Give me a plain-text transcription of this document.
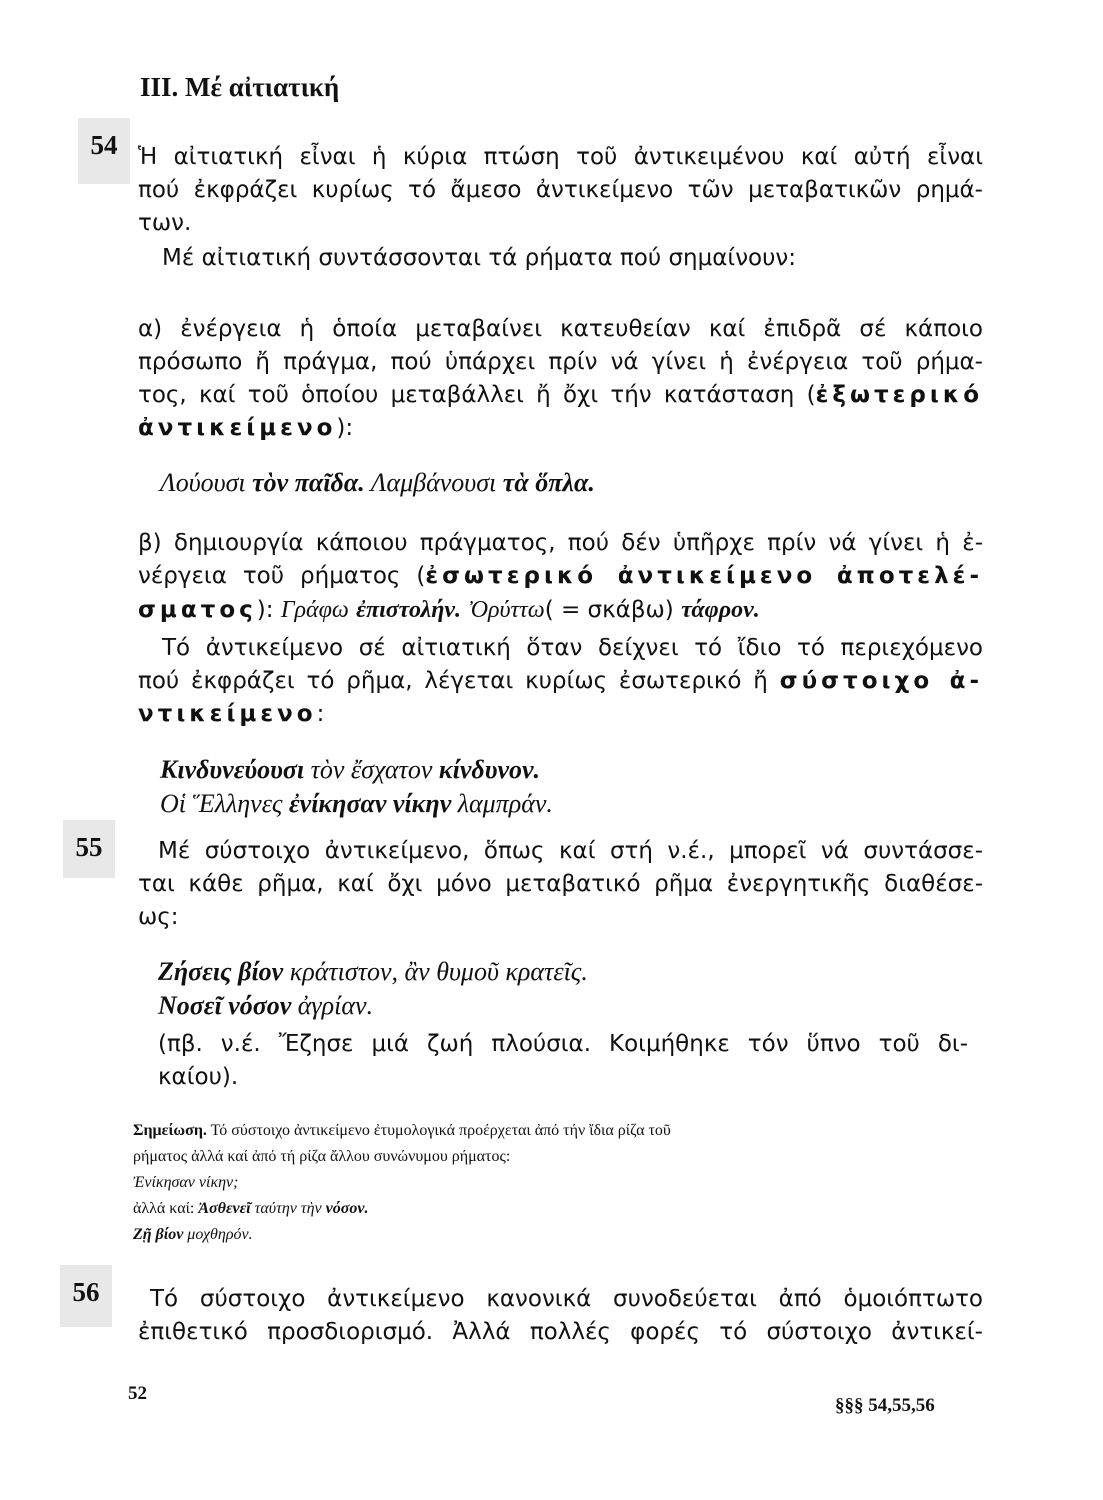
ΙΙΙ. Μέ αἰτιατική
54 Ἡ αἰτιατική εἶναι ἡ κύρια πτώση τοῦ ἀντικειμένου καί αὐτή εἶναι
πού ἐκφράζει κυρίως τό ἄμεσο ἀντικείμενο τῶν μεταβατικῶν ρημά-
των.
Μέ αἰτιατική συντάσσονται τά ρήματα πού σημαίνουν:
α) ἐνέργεια ἡ ὁποία μεταβαίνει κατευθείαν καί ἐπιδρᾶ σέ κάποιο
πρόσωπο ἤ πράγμα, πού ὑπάρχει πρίν νά γίνει ἡ ἐνέργεια τοῦ ρήμα-
τος, καί τοῦ ὁποίου μεταβάλλει ἤ ὄχι τήν κατάσταση (ἐξωτερικό
ἀντικείμενο):
Λούουσι τὸν παῖδα. Λαμβάνουσι τὰ ὅπλα.
β) δημιουργία κάποιου πράγματος, πού δέν ὑπῆρχε πρίν νά γίνει ἡ ἐ-
νέργεια τοῦ ρήματος (ἐσωτερικό ἀντικείμενο ἀποτελέ-
σματος): Γράφω ἐπιστολήν. Ὀρύττω( = σκάβω) τάφρον.
Τό ἀντικείμενο σέ αἰτιατική ὅταν δείχνει τό ἴδιο τό περιεχόμενο
πού ἐκφράζει τό ρῆμα, λέγεται κυρίως ἐσωτερικό ἤ σύστοιχο ἀ-
ντικείμενο:
Κινδυνεύουσι τὸν ἔσχατον κίνδυνον.
Οἱ Ἕλληνες ἐνίκησαν νίκην λαμπράν.
55	Μέ σύστοιχο ἀντικείμενο, ὅπως καί στή ν.έ., μπορεῖ νά συντάσσε-
ται κάθε ρῆμα, καί ὄχι μόνο μεταβατικό ρῆμα ἐνεργητικῆς διαθέσε-
ως:
Ζήσεις βίον κράτιστον, ἂν θυμοῦ κρατεῖς.
Νοσεῖ νόσον ἀγρίαν.
(πβ. ν.έ. Ἔζησε μιά ζωή πλούσια. Κοιμήθηκε τόν ὕπνο τοῦ δι-
καίου).
Σημείωση. Τό σύστοιχο ἀντικείμενο ἐτυμολογικά προέρχεται ἀπό τήν ἴδια ρίζα τοῦ
ρήματος ἀλλά καί ἀπό τή ρίζα ἄλλου συνώνυμου ρήματος:
Ἐνίκησαν νίκην;
ἀλλά καί: Ἀσθενεῖ ταύτην τὴν νόσον.
Ζῇ βίον μοχθηρόν.
56	Τό σύστοιχο ἀντικείμενο κανονικά συνοδεύεται ἀπό ὁμοιόπτωτο
ἐπιθετικό προσδιορισμό. Ἀλλά πολλές φορές τό σύστοιχο ἀντικεί-
52
§§§ 54,55,56
